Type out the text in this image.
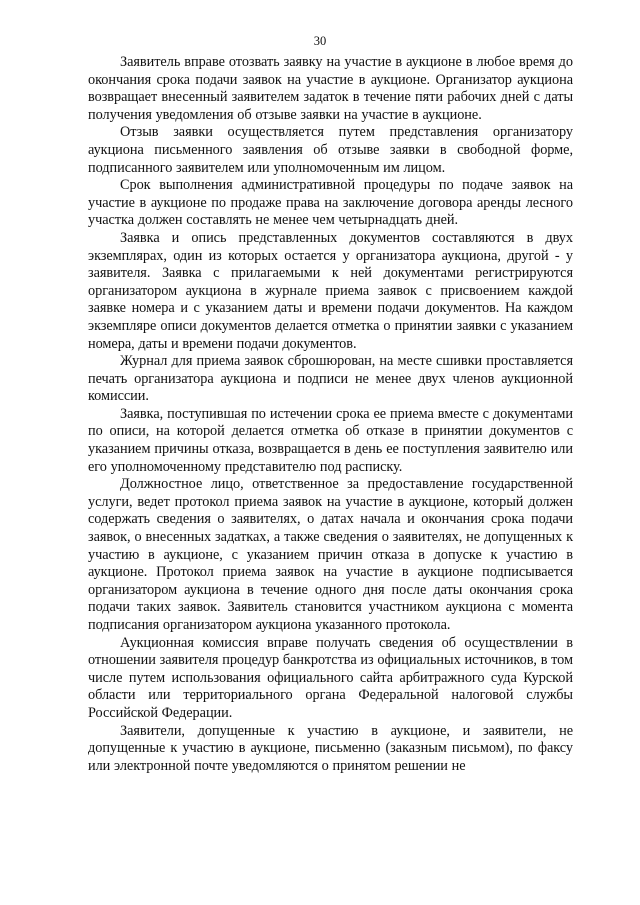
30

Заявитель вправе отозвать заявку на участие в аукционе в любое время до окончания срока подачи заявок на участие в аукционе. Организатор аукциона возвращает внесенный заявителем задаток в течение пяти рабочих дней с даты получения уведомления об отзыве заявки на участие в аукционе.

Отзыв заявки осуществляется путем представления организатору аукциона письменного заявления об отзыве заявки в свободной форме, подписанного заявителем или уполномоченным им лицом.

Срок выполнения административной процедуры по подаче заявок на участие в аукционе по продаже права на заключение договора аренды лесного участка должен составлять не менее чем четырнадцать дней.

Заявка и опись представленных документов составляются в двух экземплярах, один из которых остается у организатора аукциона, другой - у заявителя. Заявка с прилагаемыми к ней документами регистрируются организатором аукциона в журнале приема заявок с присвоением каждой заявке номера и с указанием даты и времени подачи документов. На каждом экземпляре описи документов делается отметка о принятии заявки с указанием номера, даты и времени подачи документов.

Журнал для приема заявок сброшюрован, на месте сшивки проставляется печать организатора аукциона и подписи не менее двух членов аукционной комиссии.

Заявка, поступившая по истечении срока ее приема вместе с документами по описи, на которой делается отметка об отказе в принятии документов с указанием причины отказа, возвращается в день ее поступления заявителю или его уполномоченному представителю под расписку.

Должностное лицо, ответственное за предоставление государственной услуги, ведет протокол приема заявок на участие в аукционе, который должен содержать сведения о заявителях, о датах начала и окончания срока подачи заявок, о внесенных задатках, а также сведения о заявителях, не допущенных к участию в аукционе, с указанием причин отказа в допуске к участию в аукционе. Протокол приема заявок на участие в аукционе подписывается организатором аукциона в течение одного дня после даты окончания срока подачи таких заявок. Заявитель становится участником аукциона с момента подписания организатором аукциона указанного протокола.

Аукционная комиссия вправе получать сведения об осуществлении в отношении заявителя процедур банкротства из официальных источников, в том числе путем использования официального сайта арбитражного суда Курской области или территориального органа Федеральной налоговой службы Российской Федерации.

Заявители, допущенные к участию в аукционе, и заявители, не допущенные к участию в аукционе, письменно (заказным письмом), по факсу или электронной почте уведомляются о принятом решении не
